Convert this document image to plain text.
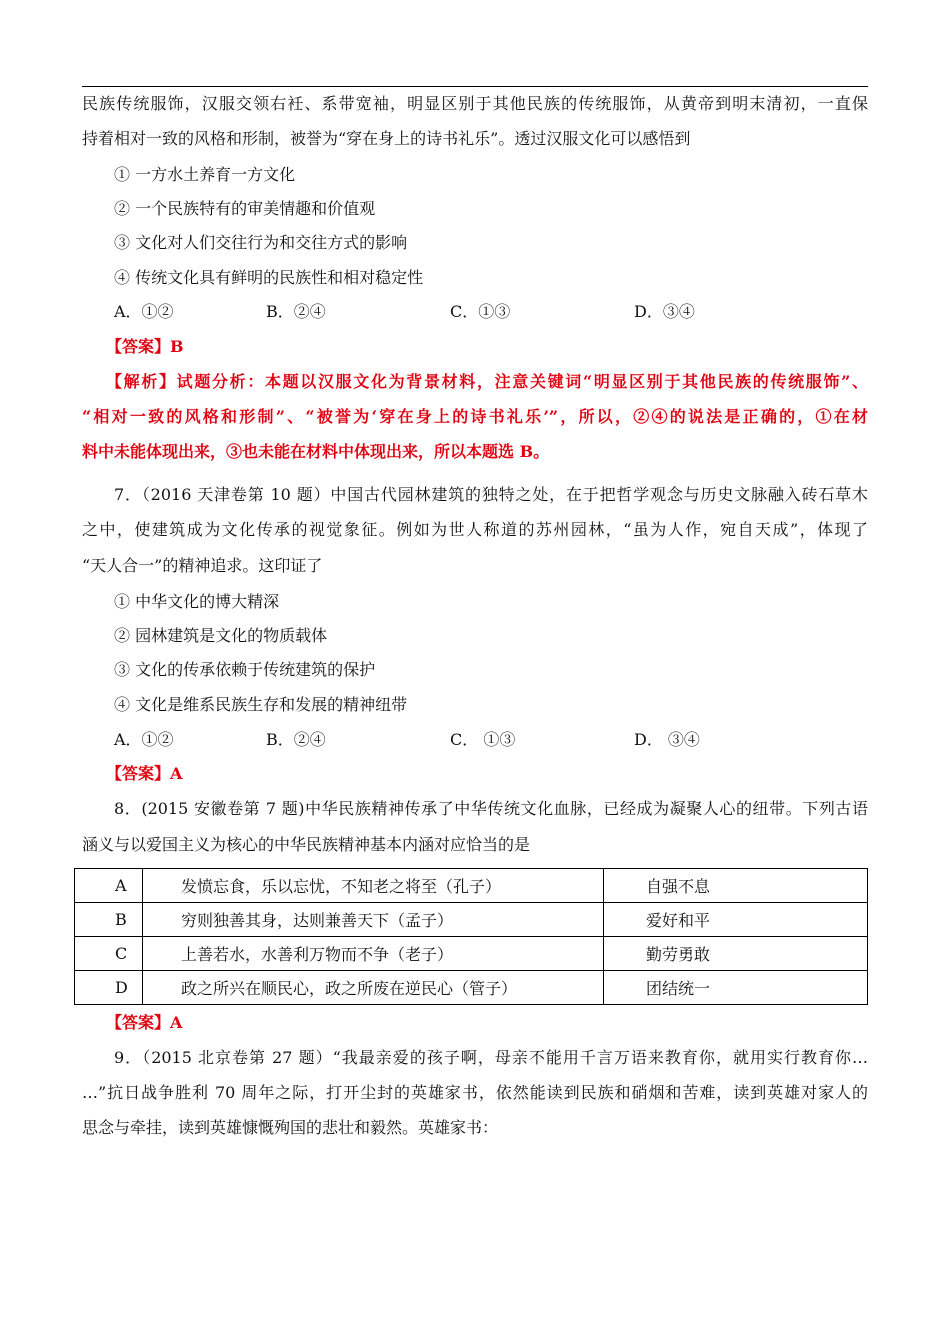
民族传统服饰，汉服交领右衽、系带宽袖，明显区别于其他民族的传统服饰，从黄帝到明末清初，一直保
持着相对一致的风格和形制，被誉为“穿在身上的诗书礼乐”。透过汉服文化可以感悟到
① 一方水土养育一方文化
② 一个民族特有的审美情趣和价值观
③ 文化对人们交往行为和交往方式的影响
④ 传统文化具有鲜明的民族性和相对稳定性
A．①②	B．②④	C．①③	D．③④
【答案】B
【解析】试题分析：本题以汉服文化为背景材料，注意关键词“明显区别于其他民族的传统服饰”、
“相对一致的风格和形制”、“被誉为‘穿在身上的诗书礼乐’”，所以，②④的说法是正确的，①在材
料中未能体现出来，③也未能在材料中体现出来，所以本题选 B。
7．（2016 天津卷第 10 题）中国古代园林建筑的独特之处，在于把哲学观念与历史文脉融入砖石草木
之中，使建筑成为文化传承的视觉象征。例如为世人称道的苏州园林，“虽为人作，宛自天成”，体现了
“天人合一”的精神追求。这印证了
① 中华文化的博大精深
② 园林建筑是文化的物质载体
③ 文化的传承依赖于传统建筑的保护
④ 文化是维系民族生存和发展的精神纽带
A．①②	B．②④	C． ①③	D． ③④
【答案】A
8．(2015 安徽卷第 7 题)中华民族精神传承了中华传统文化血脉，已经成为凝聚人心的纽带。下列古语
涵义与以爱国主义为核心的中华民族精神基本内涵对应恰当的是
A	发愤忘食，乐以忘忧，不知老之将至（孔子）	自强不息
B	穷则独善其身，达则兼善天下（孟子）	爱好和平
C	上善若水，水善利万物而不争（老子）	勤劳勇敢
D	政之所兴在顺民心，政之所废在逆民心（管子）	团结统一
【答案】A
9．（2015 北京卷第 27 题）“我最亲爱的孩子啊，母亲不能用千言万语来教育你，就用实行教育你…
…”抗日战争胜利 70 周年之际，打开尘封的英雄家书，依然能读到民族和硝烟和苦难，读到英雄对家人的
思念与牵挂，读到英雄慷慨殉国的悲壮和毅然。英雄家书：
